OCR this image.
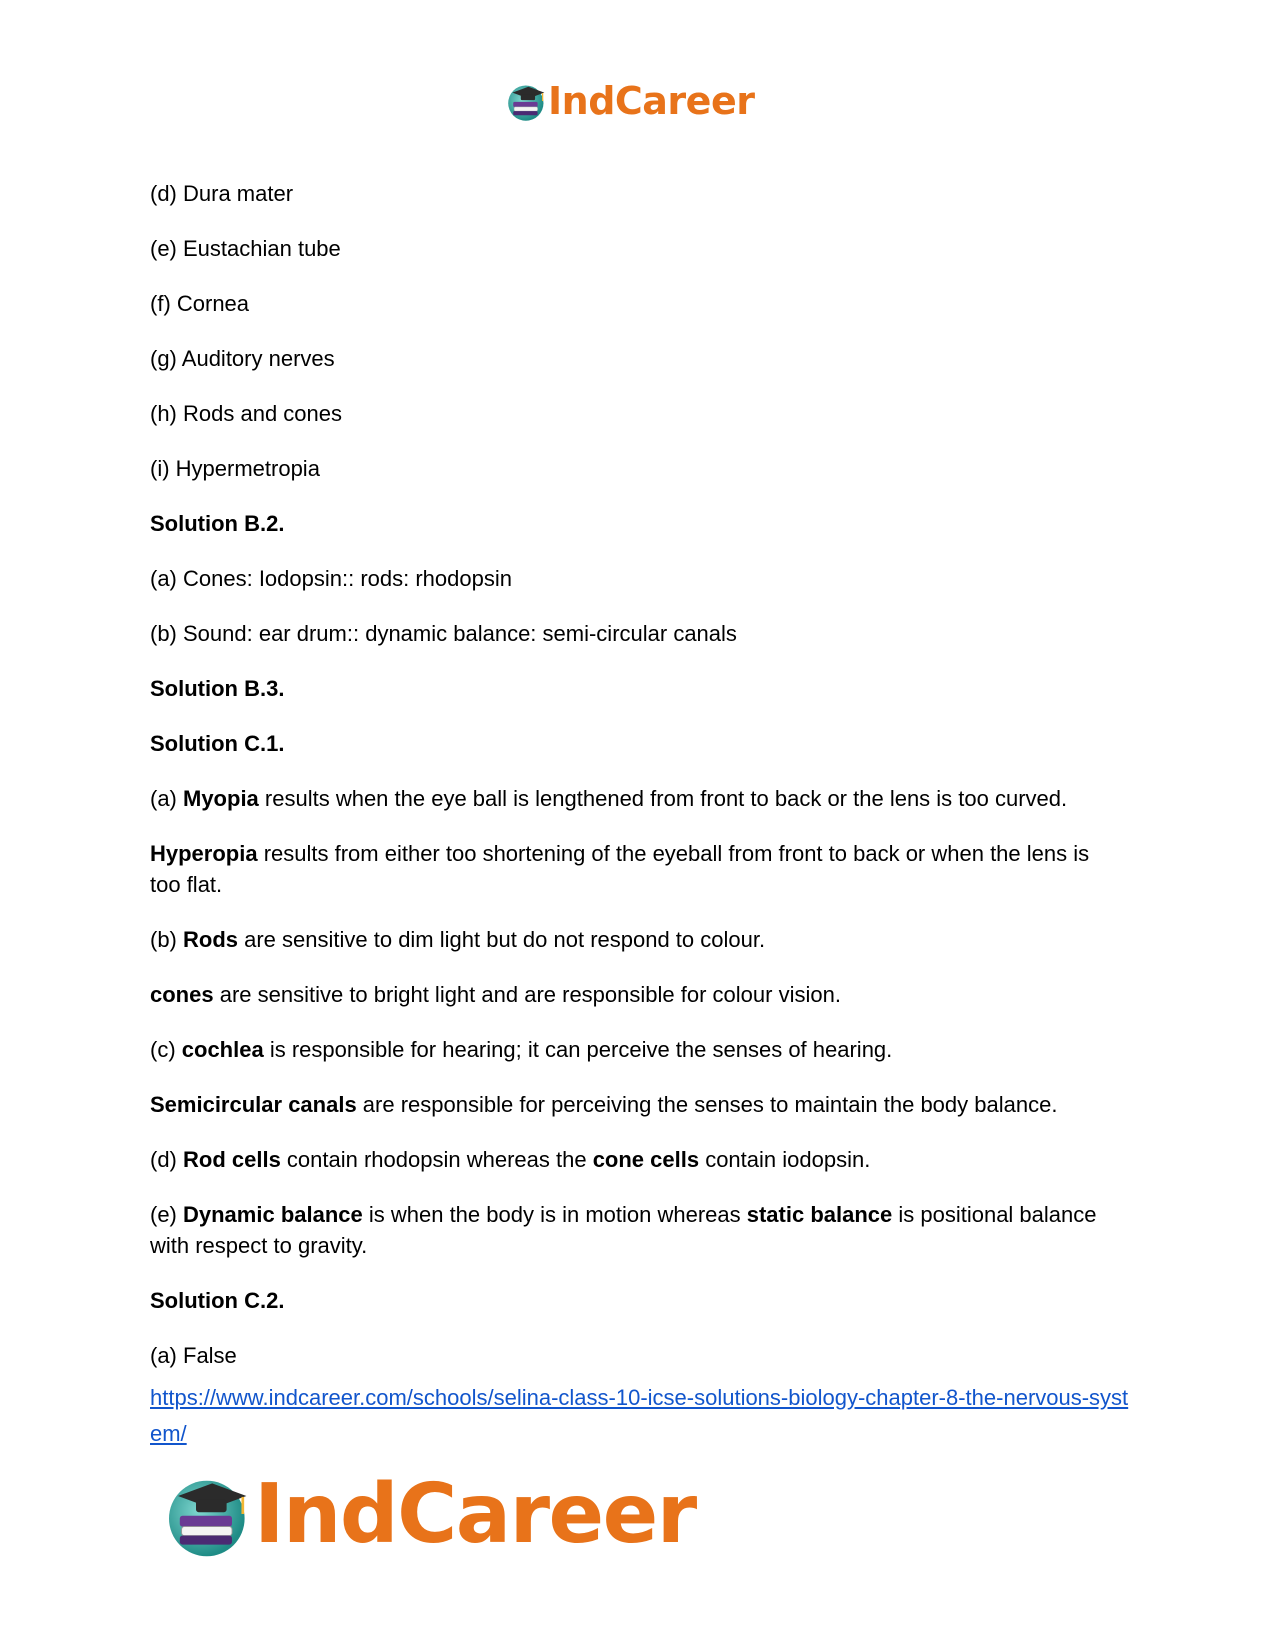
IndCareer

(d) Dura mater

(e) Eustachian tube

(f) Cornea

(g) Auditory nerves

(h) Rods and cones

(i) Hypermetropia

Solution B.2.

(a) Cones: Iodopsin:: rods: rhodopsin

(b) Sound: ear drum:: dynamic balance: semi-circular canals

Solution B.3.

Solution C.1.

(a) Myopia results when the eye ball is lengthened from front to back or the lens is too curved.

Hyperopia results from either too shortening of the eyeball from front to back or when the lens is too flat.

(b) Rods are sensitive to dim light but do not respond to colour.

cones are sensitive to bright light and are responsible for colour vision.

(c) cochlea is responsible for hearing; it can perceive the senses of hearing.

Semicircular canals are responsible for perceiving the senses to maintain the body balance.

(d) Rod cells contain rhodopsin whereas the cone cells contain iodopsin.

(e) Dynamic balance is when the body is in motion whereas static balance is positional balance with respect to gravity.

Solution C.2.

(a) False

https://www.indcareer.com/schools/selina-class-10-icse-solutions-biology-chapter-8-the-nervous-system/
IndCareer
